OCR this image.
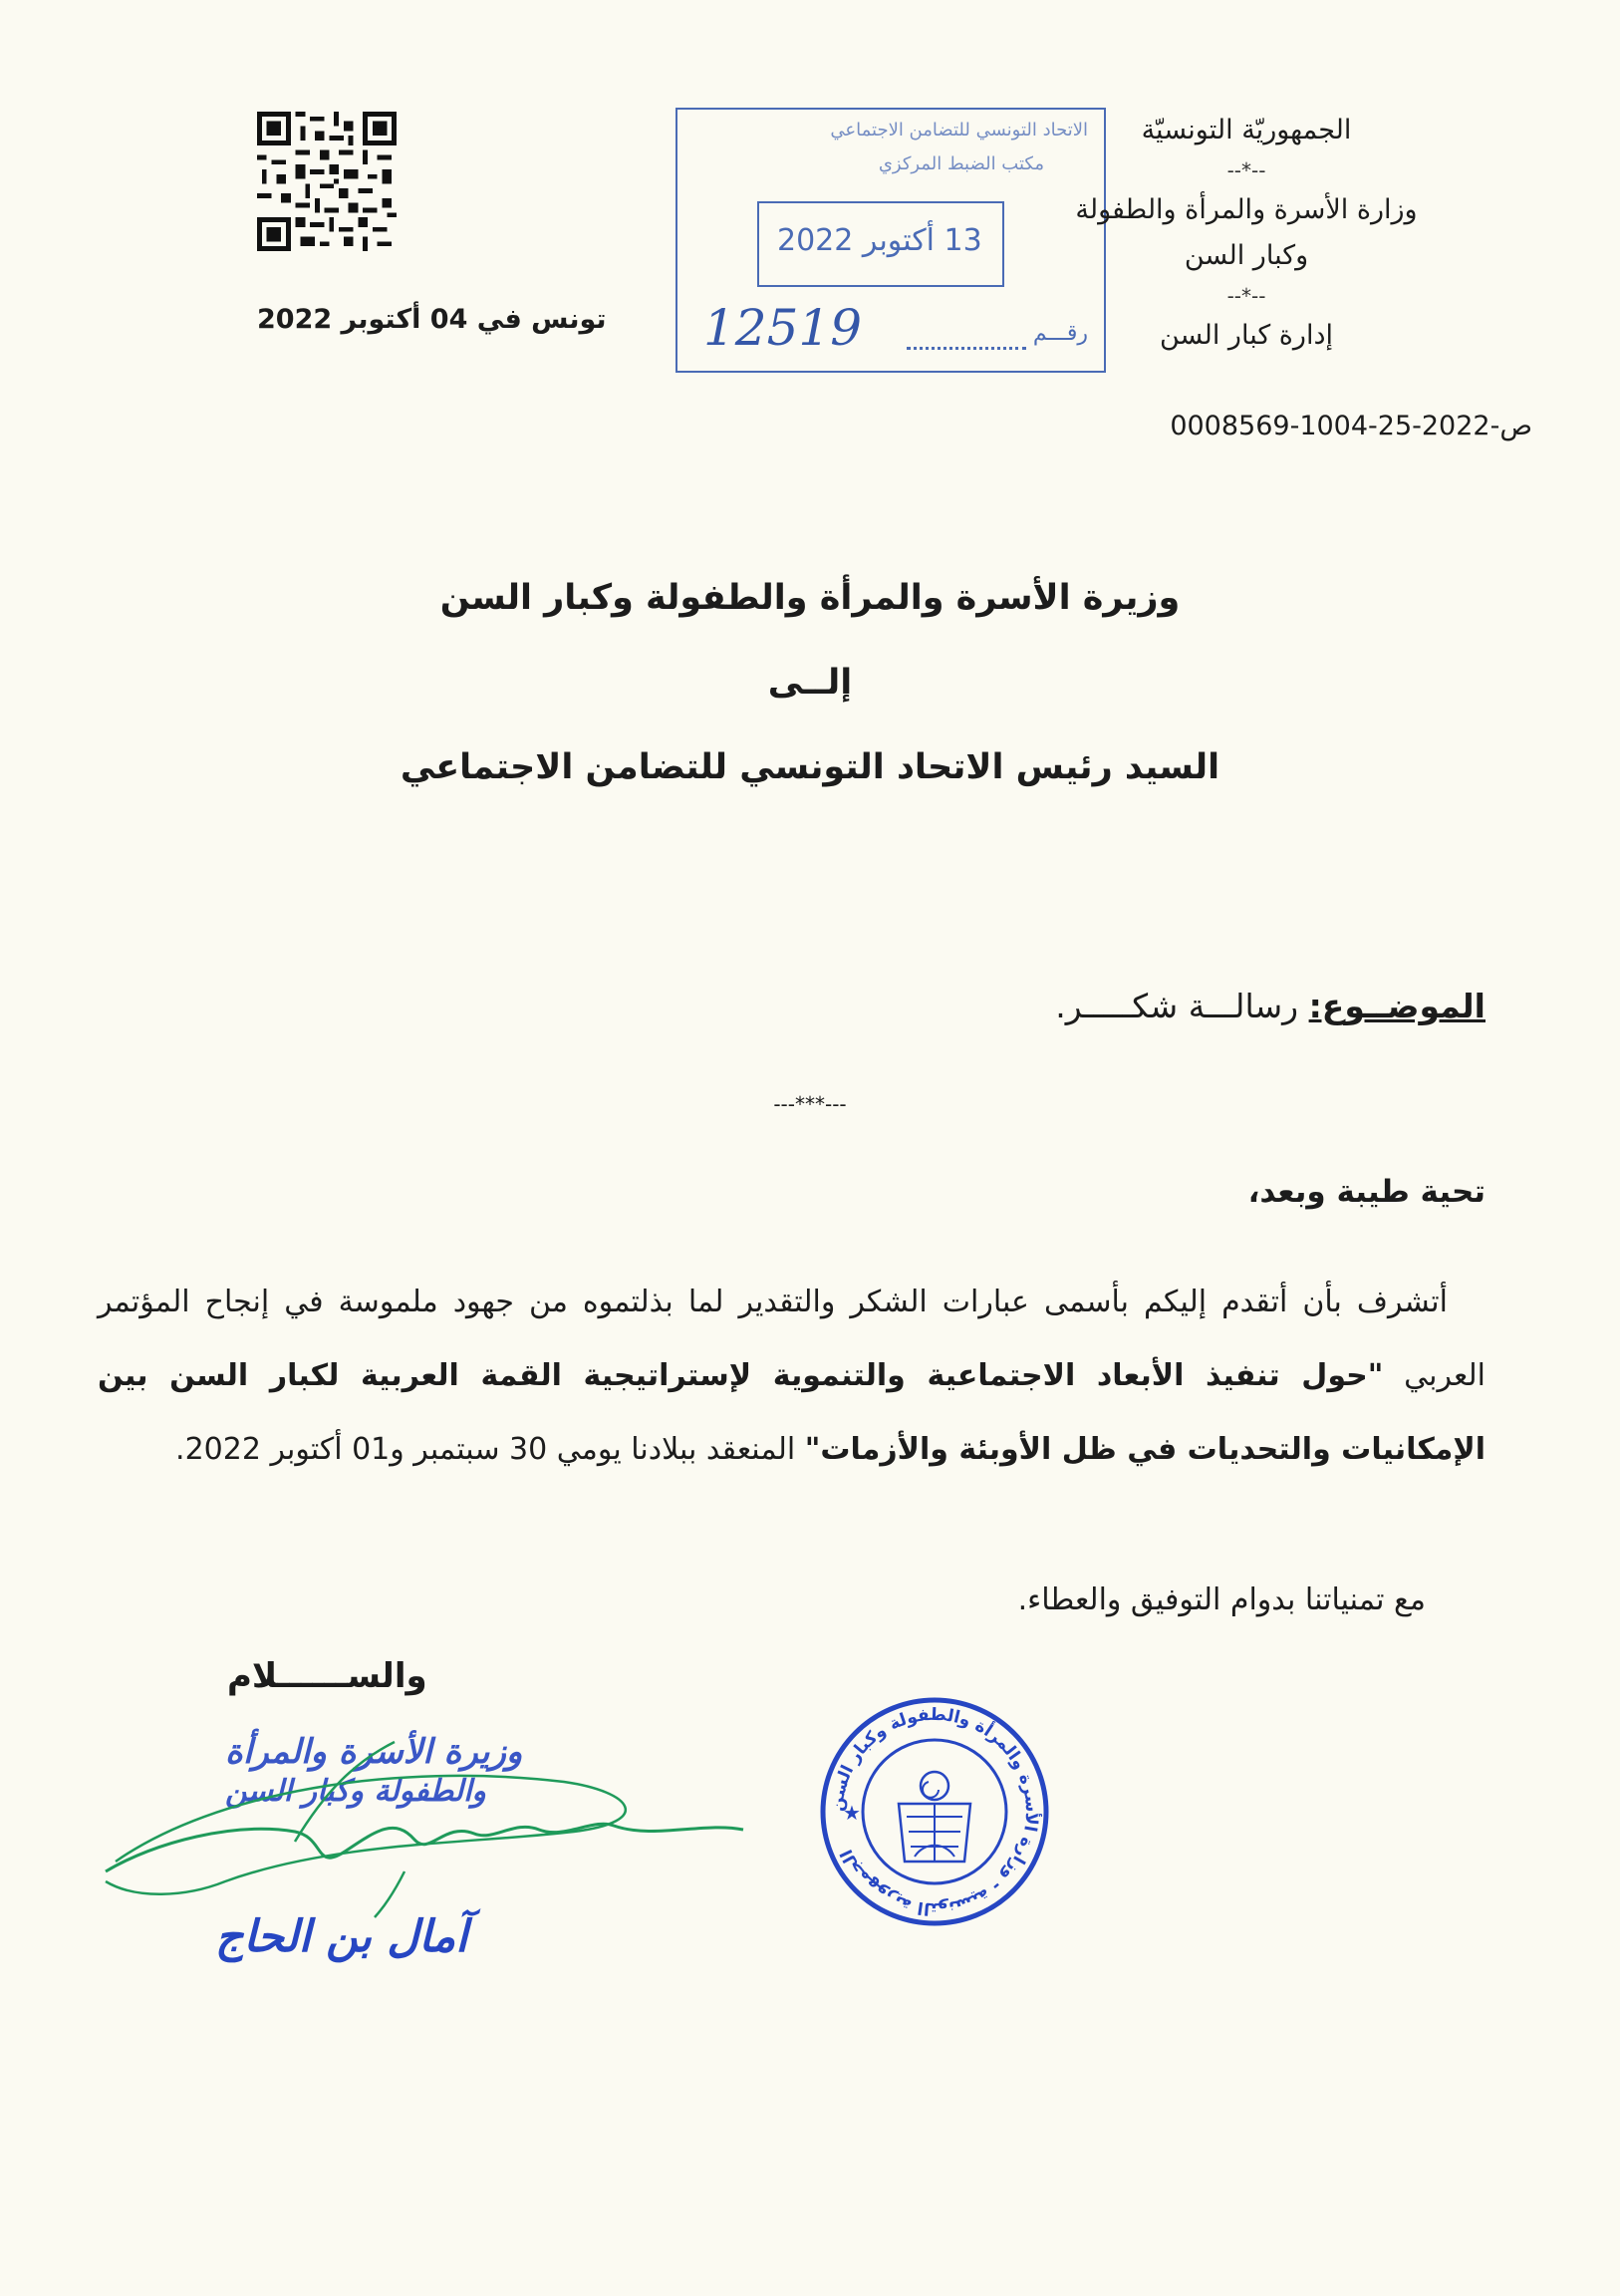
تونس في 04 أكتوبر 2022
الاتحاد التونسي للتضامن الاجتماعي
مكتب الضبط المركزي
13 أكتوبر 2022
12519	رقـــم
الجمهوريّة التونسيّة
--*--
وزارة الأسرة والمرأة والطفولة
وكبار السن
--*--
إدارة كبار السن
0008569-1004-25-2022-ص
وزيرة الأسرة والمرأة والطفولة وكبار السن
إلــى
السيد رئيس الاتحاد التونسي للتضامن الاجتماعي
الموضــوع: رسالـــة شكـــــر.
---***---
تحية طيبة وبعد،

أتشرف بأن أتقدم إليكم بأسمى عبارات الشكر والتقدير لما بذلتموه من جهود ملموسة في إنجاح المؤتمر العربي "حول تنفيذ الأبعاد الاجتماعية والتنموية لإستراتيجية القمة العربية لكبار السن بين الإمكانيات والتحديات في ظل الأوبئة والأزمات" المنعقد ببلادنا يومي 30 سبتمبر و01 أكتوبر 2022.

مع تمنياتنا بدوام التوفيق والعطاء.
والســــــلام
وزيرة الأسرة والمرأة
والطفولة وكبار السن
آمال بن الحاج
الجمهورية التونسية - وزارة الأسرة والمرأة والطفولة وكبار السن
★
